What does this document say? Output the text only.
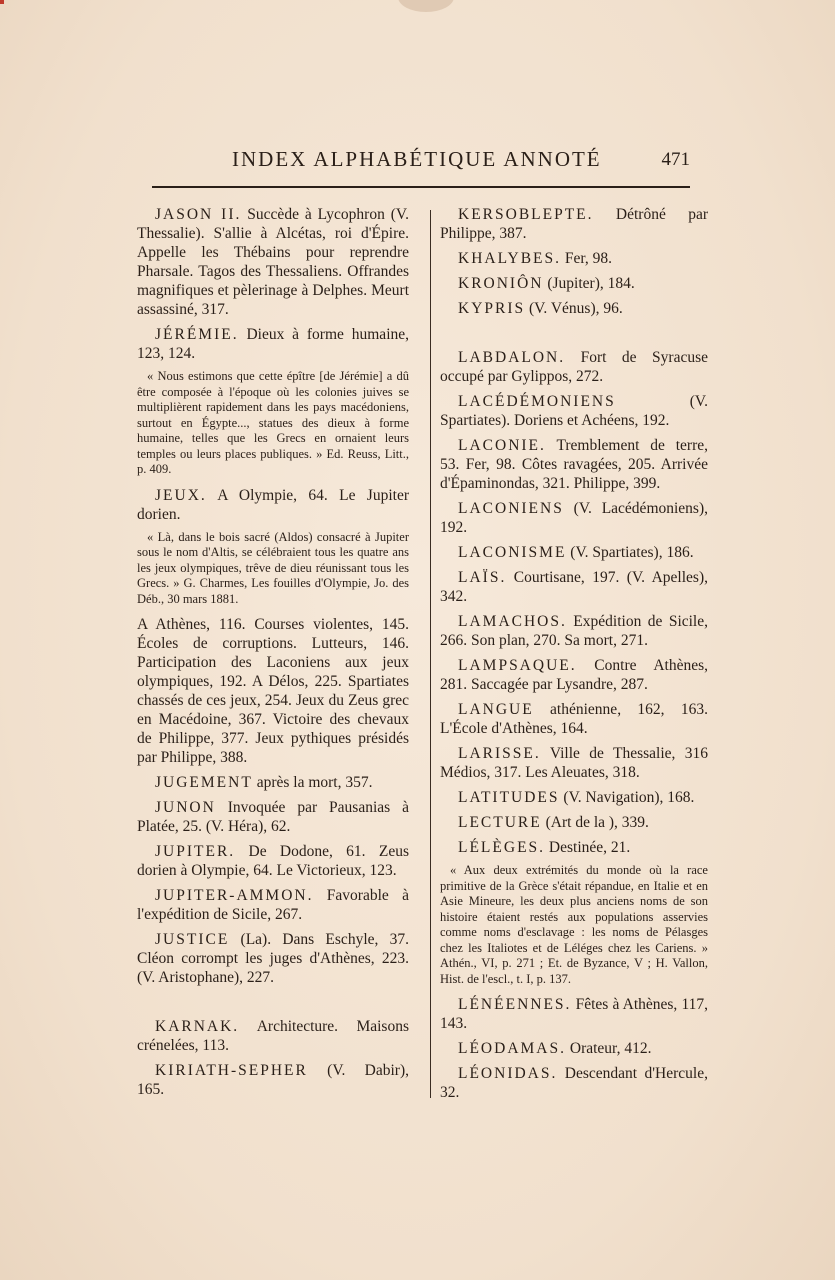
INDEX ALPHABÉTIQUE ANNOTÉ	471
JASON II. Succède à Lycophron (V. Thessalie). S'allie à Alcétas, roi d'Épire. Appelle les Thébains pour reprendre Pharsale. Tagos des Thessaliens. Offrandes magnifiques et pèlerinage à Delphes. Meurt assassiné, 317.
JÉRÉMIE. Dieux à forme humaine, 123, 124.
« Nous estimons que cette épître [de Jérémie] a dû être composée à l'époque où les colonies juives se multiplièrent rapidement dans les pays macédoniens, surtout en Égypte..., statues des dieux à forme humaine, telles que les Grecs en ornaient leurs temples ou leurs places publiques. » Ed. Reuss, Litt., p. 409.
JEUX. A Olympie, 64. Le Jupiter dorien.
« Là, dans le bois sacré (Aldos) consacré à Jupiter sous le nom d'Altis, se célébraient tous les quatre ans les jeux olympiques, trêve de dieu réunissant tous les Grecs. » G. Charmes, Les fouilles d'Olympie, Jo. des Déb., 30 mars 1881.
A Athènes, 116. Courses violentes, 145. Écoles de corruptions. Lutteurs, 146. Participation des Laconiens aux jeux olympiques, 192. A Délos, 225. Spartiates chassés de ces jeux, 254. Jeux du Zeus grec en Macédoine, 367. Victoire des chevaux de Philippe, 377. Jeux pythiques présidés par Philippe, 388.
JUGEMENT après la mort, 357.
JUNON Invoquée par Pausanias à Platée, 25. (V. Héra), 62.
JUPITER. De Dodone, 61. Zeus dorien à Olympie, 64. Le Victorieux, 123.
JUPITER-AMMON. Favorable à l'expédition de Sicile, 267.
JUSTICE (La). Dans Eschyle, 37. Cléon corrompt les juges d'Athènes, 223. (V. Aristophane), 227.
KARNAK. Architecture. Maisons crénelées, 113.
KIRIATH-SEPHER (V. Dabir), 165.
KERSOBLEPTE. Détrôné par Philippe, 387.
KHALYBES. Fer, 98.
KRONIÔN (Jupiter), 184.
KYPRIS (V. Vénus), 96.
LABDALON. Fort de Syracuse occupé par Gylippos, 272.
LACÉDÉMONIENS (V. Spartiates). Doriens et Achéens, 192.
LACONIE. Tremblement de terre, 53. Fer, 98. Côtes ravagées, 205. Arrivée d'Épaminondas, 321. Philippe, 399.
LACONIENS (V. Lacédémoniens), 192.
LACONISME (V. Spartiates), 186.
LAÏS. Courtisane, 197. (V. Apelles), 342.
LAMACHOS. Expédition de Sicile, 266. Son plan, 270. Sa mort, 271.
LAMPSAQUE. Contre Athènes, 281. Saccagée par Lysandre, 287.
LANGUE athénienne, 162, 163. L'École d'Athènes, 164.
LARISSE. Ville de Thessalie, 316 Médios, 317. Les Aleuates, 318.
LATITUDES (V. Navigation), 168.
LECTURE (Art de la ), 339.
LÉLÈGES. Destinée, 21.
« Aux deux extrémités du monde où la race primitive de la Grèce s'était répandue, en Italie et en Asie Mineure, les deux plus anciens noms de son histoire étaient restés aux populations asservies comme noms d'esclavage : les noms de Pélasges chez les Italiotes et de Léléges chez les Cariens. » Athén., VI, p. 271 ; Et. de Byzance, V ; H. Vallon, Hist. de l'escl., t. I, p. 137.
LÉNÉENNES. Fêtes à Athènes, 117, 143.
LÉODAMAS. Orateur, 412.
LÉONIDAS. Descendant d'Hercule, 32.
